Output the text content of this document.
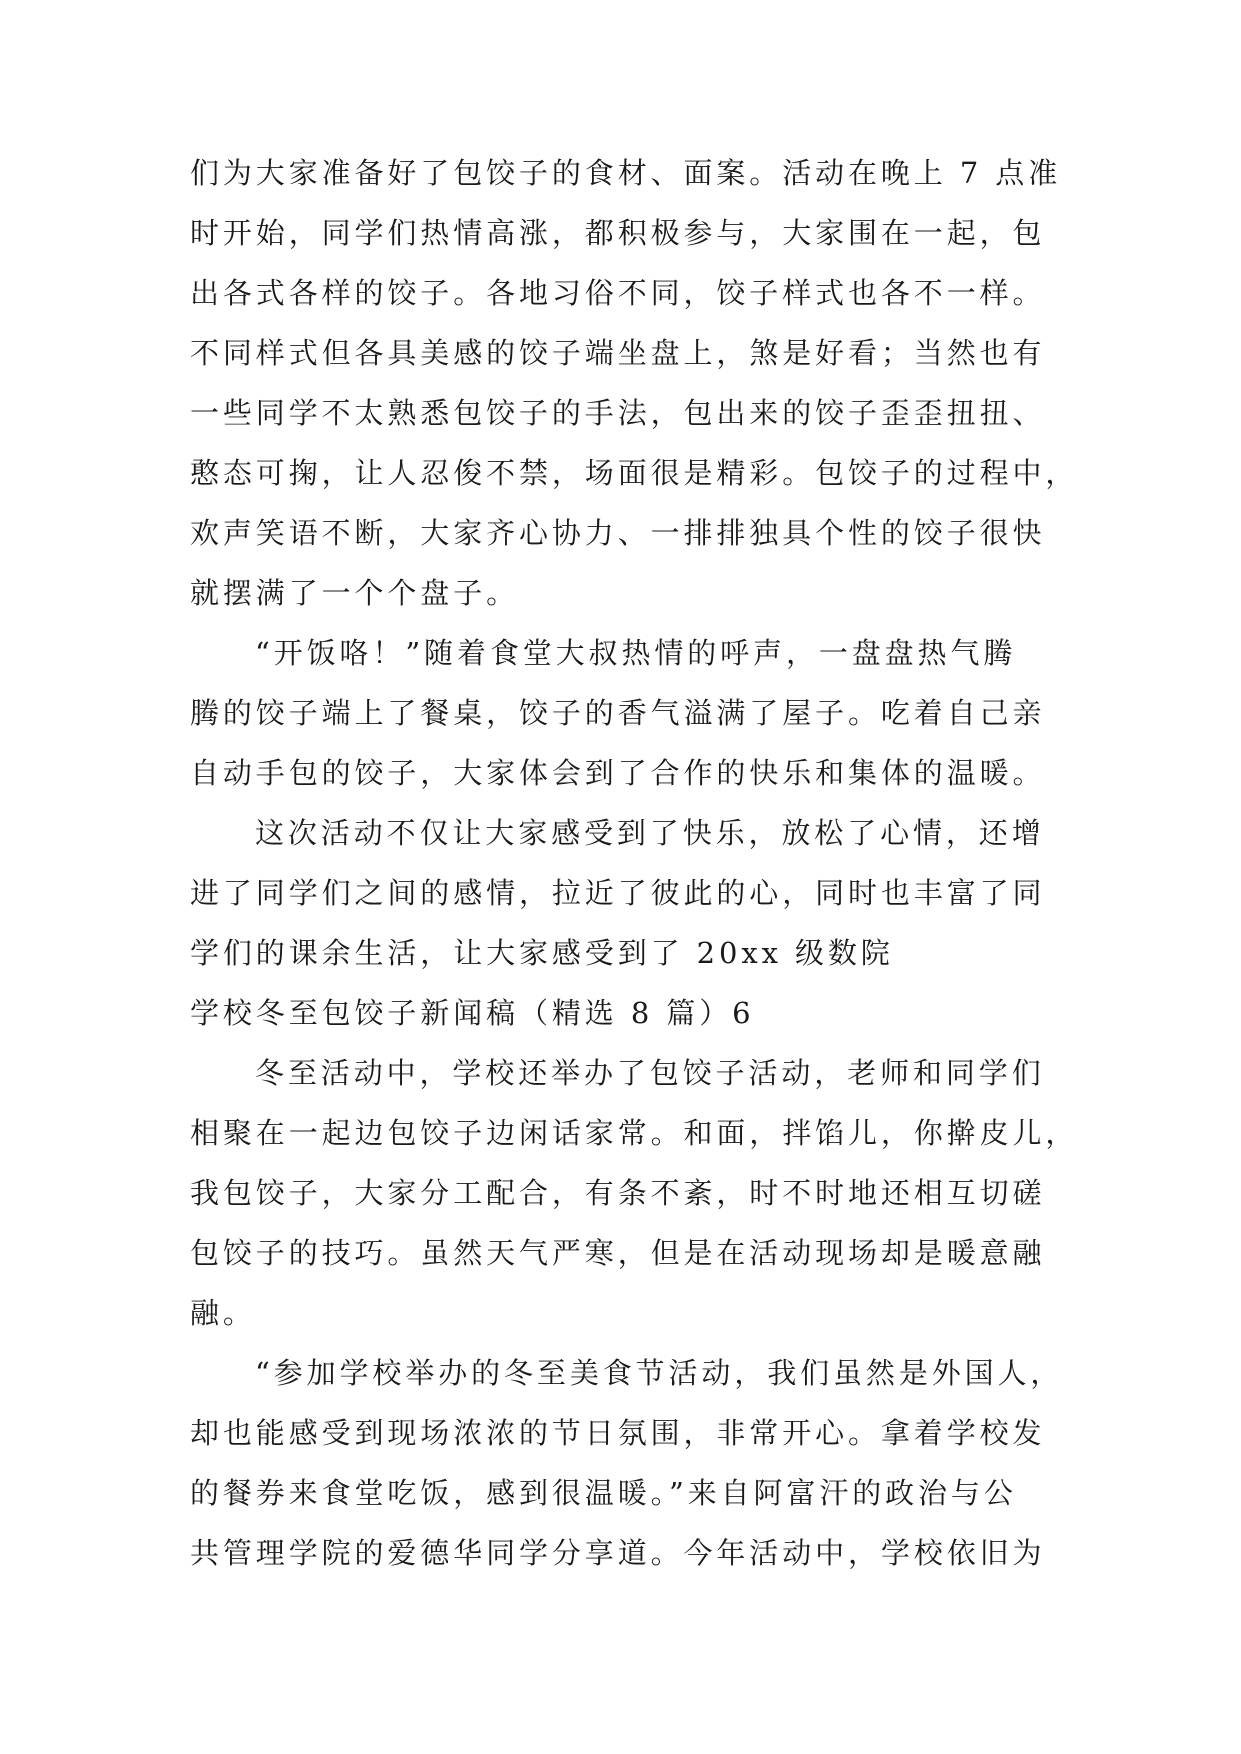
们为大家准备好了包饺子的食材、面案。活动在晚上 7 点准
时开始，同学们热情高涨，都积极参与，大家围在一起，包
出各式各样的饺子。各地习俗不同，饺子样式也各不一样。
不同样式但各具美感的饺子端坐盘上，煞是好看；当然也有
一些同学不太熟悉包饺子的手法，包出来的饺子歪歪扭扭、
憨态可掬，让人忍俊不禁，场面很是精彩。包饺子的过程中，
欢声笑语不断，大家齐心协力、一排排独具个性的饺子很快
就摆满了一个个盘子。
“开饭咯！”随着食堂大叔热情的呼声，一盘盘热气腾
腾的饺子端上了餐桌，饺子的香气溢满了屋子。吃着自己亲
自动手包的饺子，大家体会到了合作的快乐和集体的温暖。
这次活动不仅让大家感受到了快乐，放松了心情，还增
进了同学们之间的感情，拉近了彼此的心，同时也丰富了同
学们的课余生活，让大家感受到了 20xx 级数院
学校冬至包饺子新闻稿（精选 8 篇）6
冬至活动中，学校还举办了包饺子活动，老师和同学们
相聚在一起边包饺子边闲话家常。和面，拌馅儿，你擀皮儿，
我包饺子，大家分工配合，有条不紊，时不时地还相互切磋
包饺子的技巧。虽然天气严寒，但是在活动现场却是暖意融
融。
“参加学校举办的冬至美食节活动，我们虽然是外国人，
却也能感受到现场浓浓的节日氛围，非常开心。拿着学校发
的餐券来食堂吃饭，感到很温暖。”来自阿富汗的政治与公
共管理学院的爱德华同学分享道。今年活动中，学校依旧为
